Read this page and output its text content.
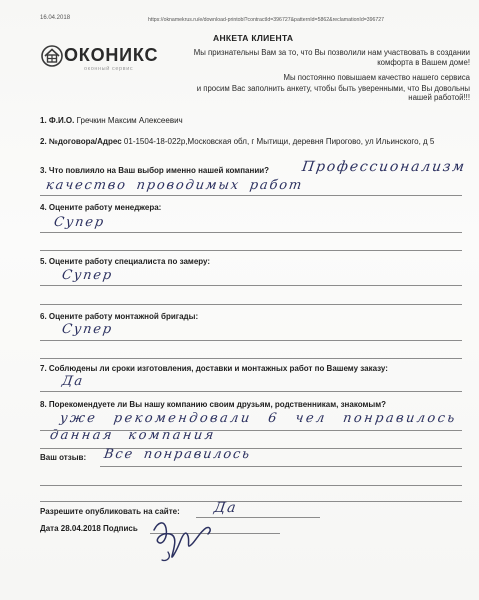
16.04.2018	https://oknamekrus.ru/e/download-printobl?contractId=396727&patternId=5862&reclamationId=396727
ОКОНИКС
оконный сервис
АНКЕТА КЛИЕНТА
Мы признательны Вам за то, что Вы позволили нам участвовать в создании
комфорта в Вашем доме!
Мы постоянно повышаем качество нашего сервиса
и просим Вас заполнить анкету, чтобы быть уверенными, что Вы довольны
нашей работой!!!
1. Ф.И.О. Гречкин Максим Алексеевич
2. №договора/Адрес 01-1504-18-022р,Московская обл, г Мытищи, деревня Пирогово, ул Ильинского, д 5
3. Что повлияло на Ваш выбор именно нашей компании? Профессионализм
качество проводимых работ
4. Оцените работу менеджера:
Супер
5. Оцените работу специалиста по замеру:
Супер
6. Оцените работу монтажной бригады:
Супер
7. Соблюдены ли сроки изготовления, доставки и монтажных работ по Вашему заказу:
Да
8. Порекомендуете ли Вы нашу компанию своим друзьям, родственникам, знакомым?
уже рекомендовали 6 чел понравилось
данная компания
Ваш отзыв: Все понравилось
Разрешите опубликовать на сайте: Да
Дата 28.04.2018 Подпись
